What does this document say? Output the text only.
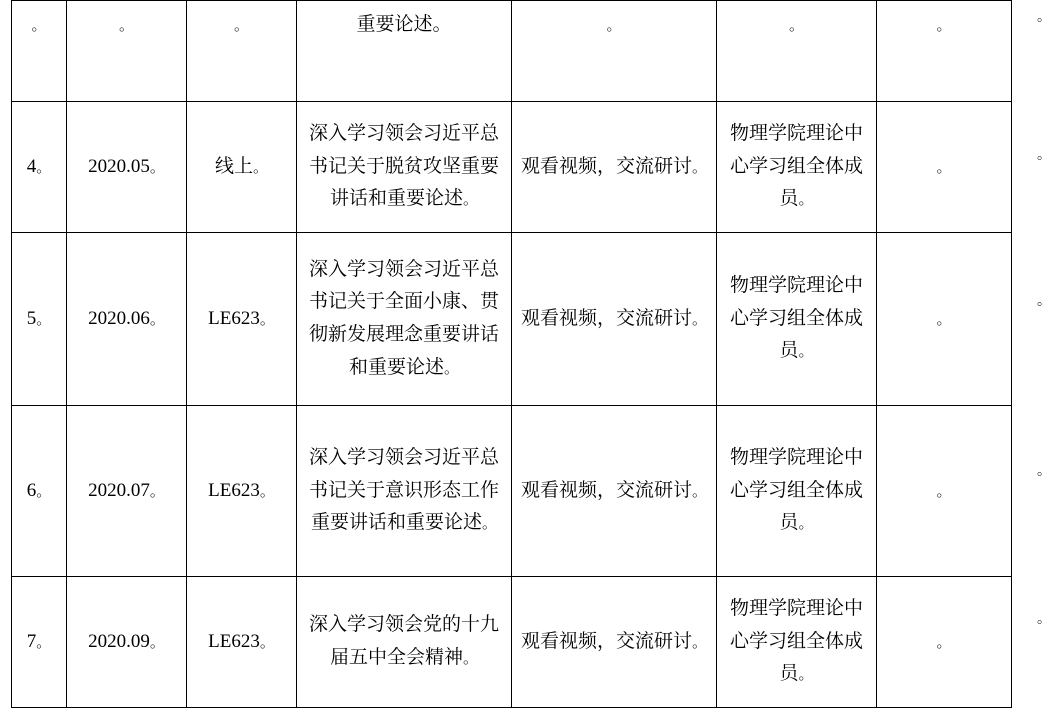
。	。	。	重要论述。	。	。	。
4。	2020.05。	线上。	深入学习领会习近平总书记关于脱贫攻坚重要讲话和重要论述。	观看视频，交流研讨。	物理学院理论中心学习组全体成员。	。
5。	2020.06。	LE623。	深入学习领会习近平总书记关于全面小康、贯彻新发展理念重要讲话和重要论述。	观看视频，交流研讨。	物理学院理论中心学习组全体成员。	。
6。	2020.07。	LE623。	深入学习领会习近平总书记关于意识形态工作重要讲话和重要论述。	观看视频，交流研讨。	物理学院理论中心学习组全体成员。	。
7。	2020.09。	LE623。	深入学习领会党的十九届五中全会精神。	观看视频，交流研讨。	物理学院理论中心学习组全体成员。	。
。
。
。
。
。
